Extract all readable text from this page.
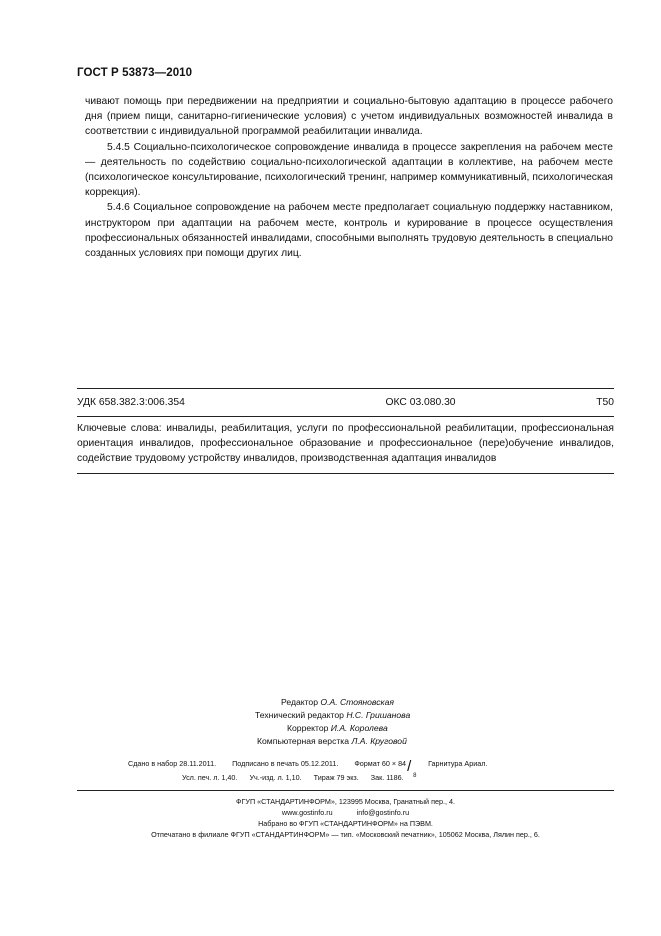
ГОСТ Р 53873—2010

чивают помощь при передвижении на предприятии и социально-бытовую адаптацию в процессе рабочего дня (прием пищи, санитарно-гигиенические условия) с учетом индивидуальных возможностей инвалида в соответствии с индивидуальной программой реабилитации инвалида.

5.4.5 Социально-психологическое сопровождение инвалида в процессе закрепления на рабочем месте — деятельность по содействию социально-психологической адаптации в коллективе, на рабочем месте (психологическое консультирование, психологический тренинг, например коммуникативный, психологическая коррекция).

5.4.6 Социальное сопровождение на рабочем месте предполагает социальную поддержку наставником, инструктором при адаптации на рабочем месте, контроль и курирование в процессе осуществления профессиональных обязанностей инвалидами, способными выполнять трудовую деятельность в специально созданных условиях при помощи других лиц.

УДК 658.382.3:006.354	ОКС 03.080.30	Т50
Ключевые слова: инвалиды, реабилитация, услуги по профессиональной реабилитации, профессиональная ориентация инвалидов, профессиональное образование и профессиональное (пере)обучение инвалидов, содействие трудовому устройству инвалидов, производственная адаптация инвалидов
Редактор О.А. Стояновская
Технический редактор Н.С. Гришанова
Корректор И.А. Королева
Компьютерная верстка Л.А. Круговой
Сдано в набор 28.11.2011. Подписано в печать 05.12.2011. Формат 60 × 84 /
8
Гарнитура Ариал.
Усл. печ. л. 1,40. Уч.-изд. л. 1,10. Тираж 79 экз. Зак. 1186.
ФГУП «СТАНДАРТИНФОРМ», 123995 Москва, Гранатный пер., 4.
www.gostinfo.ru	info@gostinfo.ru
Набрано во ФГУП «СТАНДАРТИНФОРМ» на ПЭВМ.
Отпечатано в филиале ФГУП «СТАНДАРТИНФОРМ» — тип. «Московский печатник», 105062 Москва, Лялин пер., 6.
